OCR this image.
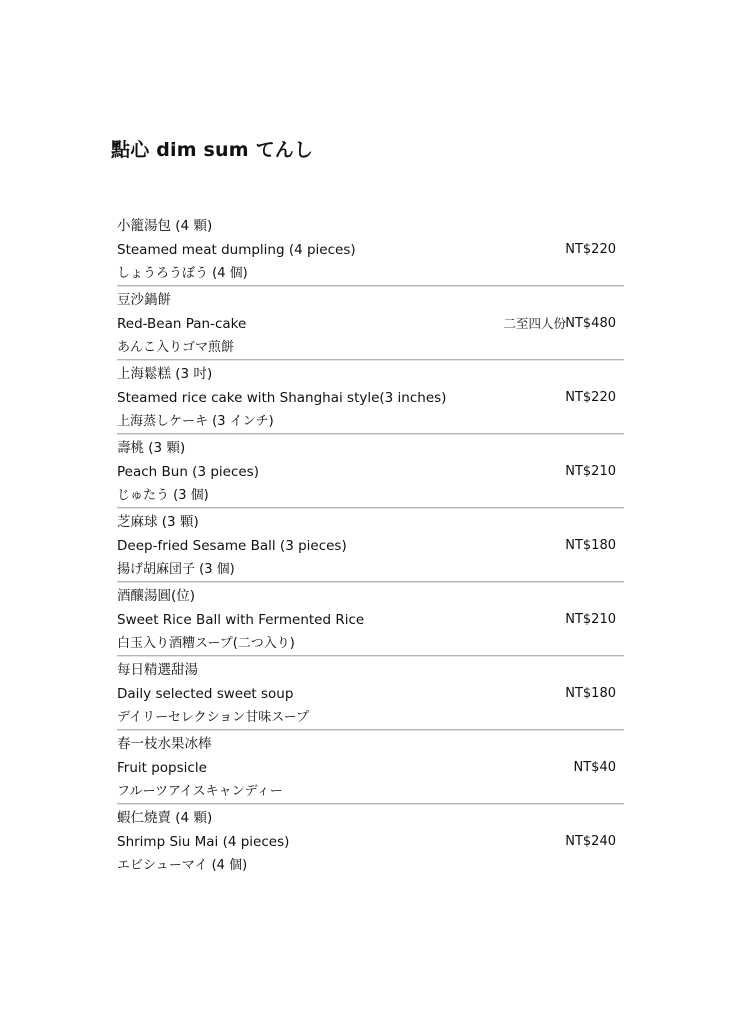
點心 dim sum てんし
小籠湯包 (4 顆)
Steamed meat dumpling (4 pieces)
しょうろうぼう (4 個)
NT$220
豆沙鍋餅
Red-Bean Pan-cake
あんこ入りゴマ煎餅
二至四人份 NT$480
上海鬆糕 (3 吋)
Steamed rice cake with Shanghai style(3 inches)
上海蒸しケーキ (3 インチ)
NT$220
壽桃 (3 顆)
Peach Bun (3 pieces)
じゅたう (3 個)
NT$210
芝麻球 (3 顆)
Deep-fried Sesame Ball (3 pieces)
揚げ胡麻団子 (3 個)
NT$180
酒釀湯圓(位)
Sweet Rice Ball with Fermented Rice
白玉入り酒糟スープ(二つ入り)
NT$210
每日精選甜湯
Daily selected sweet soup
デイリーセレクション甘味スープ
NT$180
春一枝水果冰棒
Fruit popsicle
フルーツアイスキャンディー
NT$40
蝦仁燒賣 (4 顆)
Shrimp Siu Mai (4 pieces)
エビシューマイ (4 個)
NT$240
